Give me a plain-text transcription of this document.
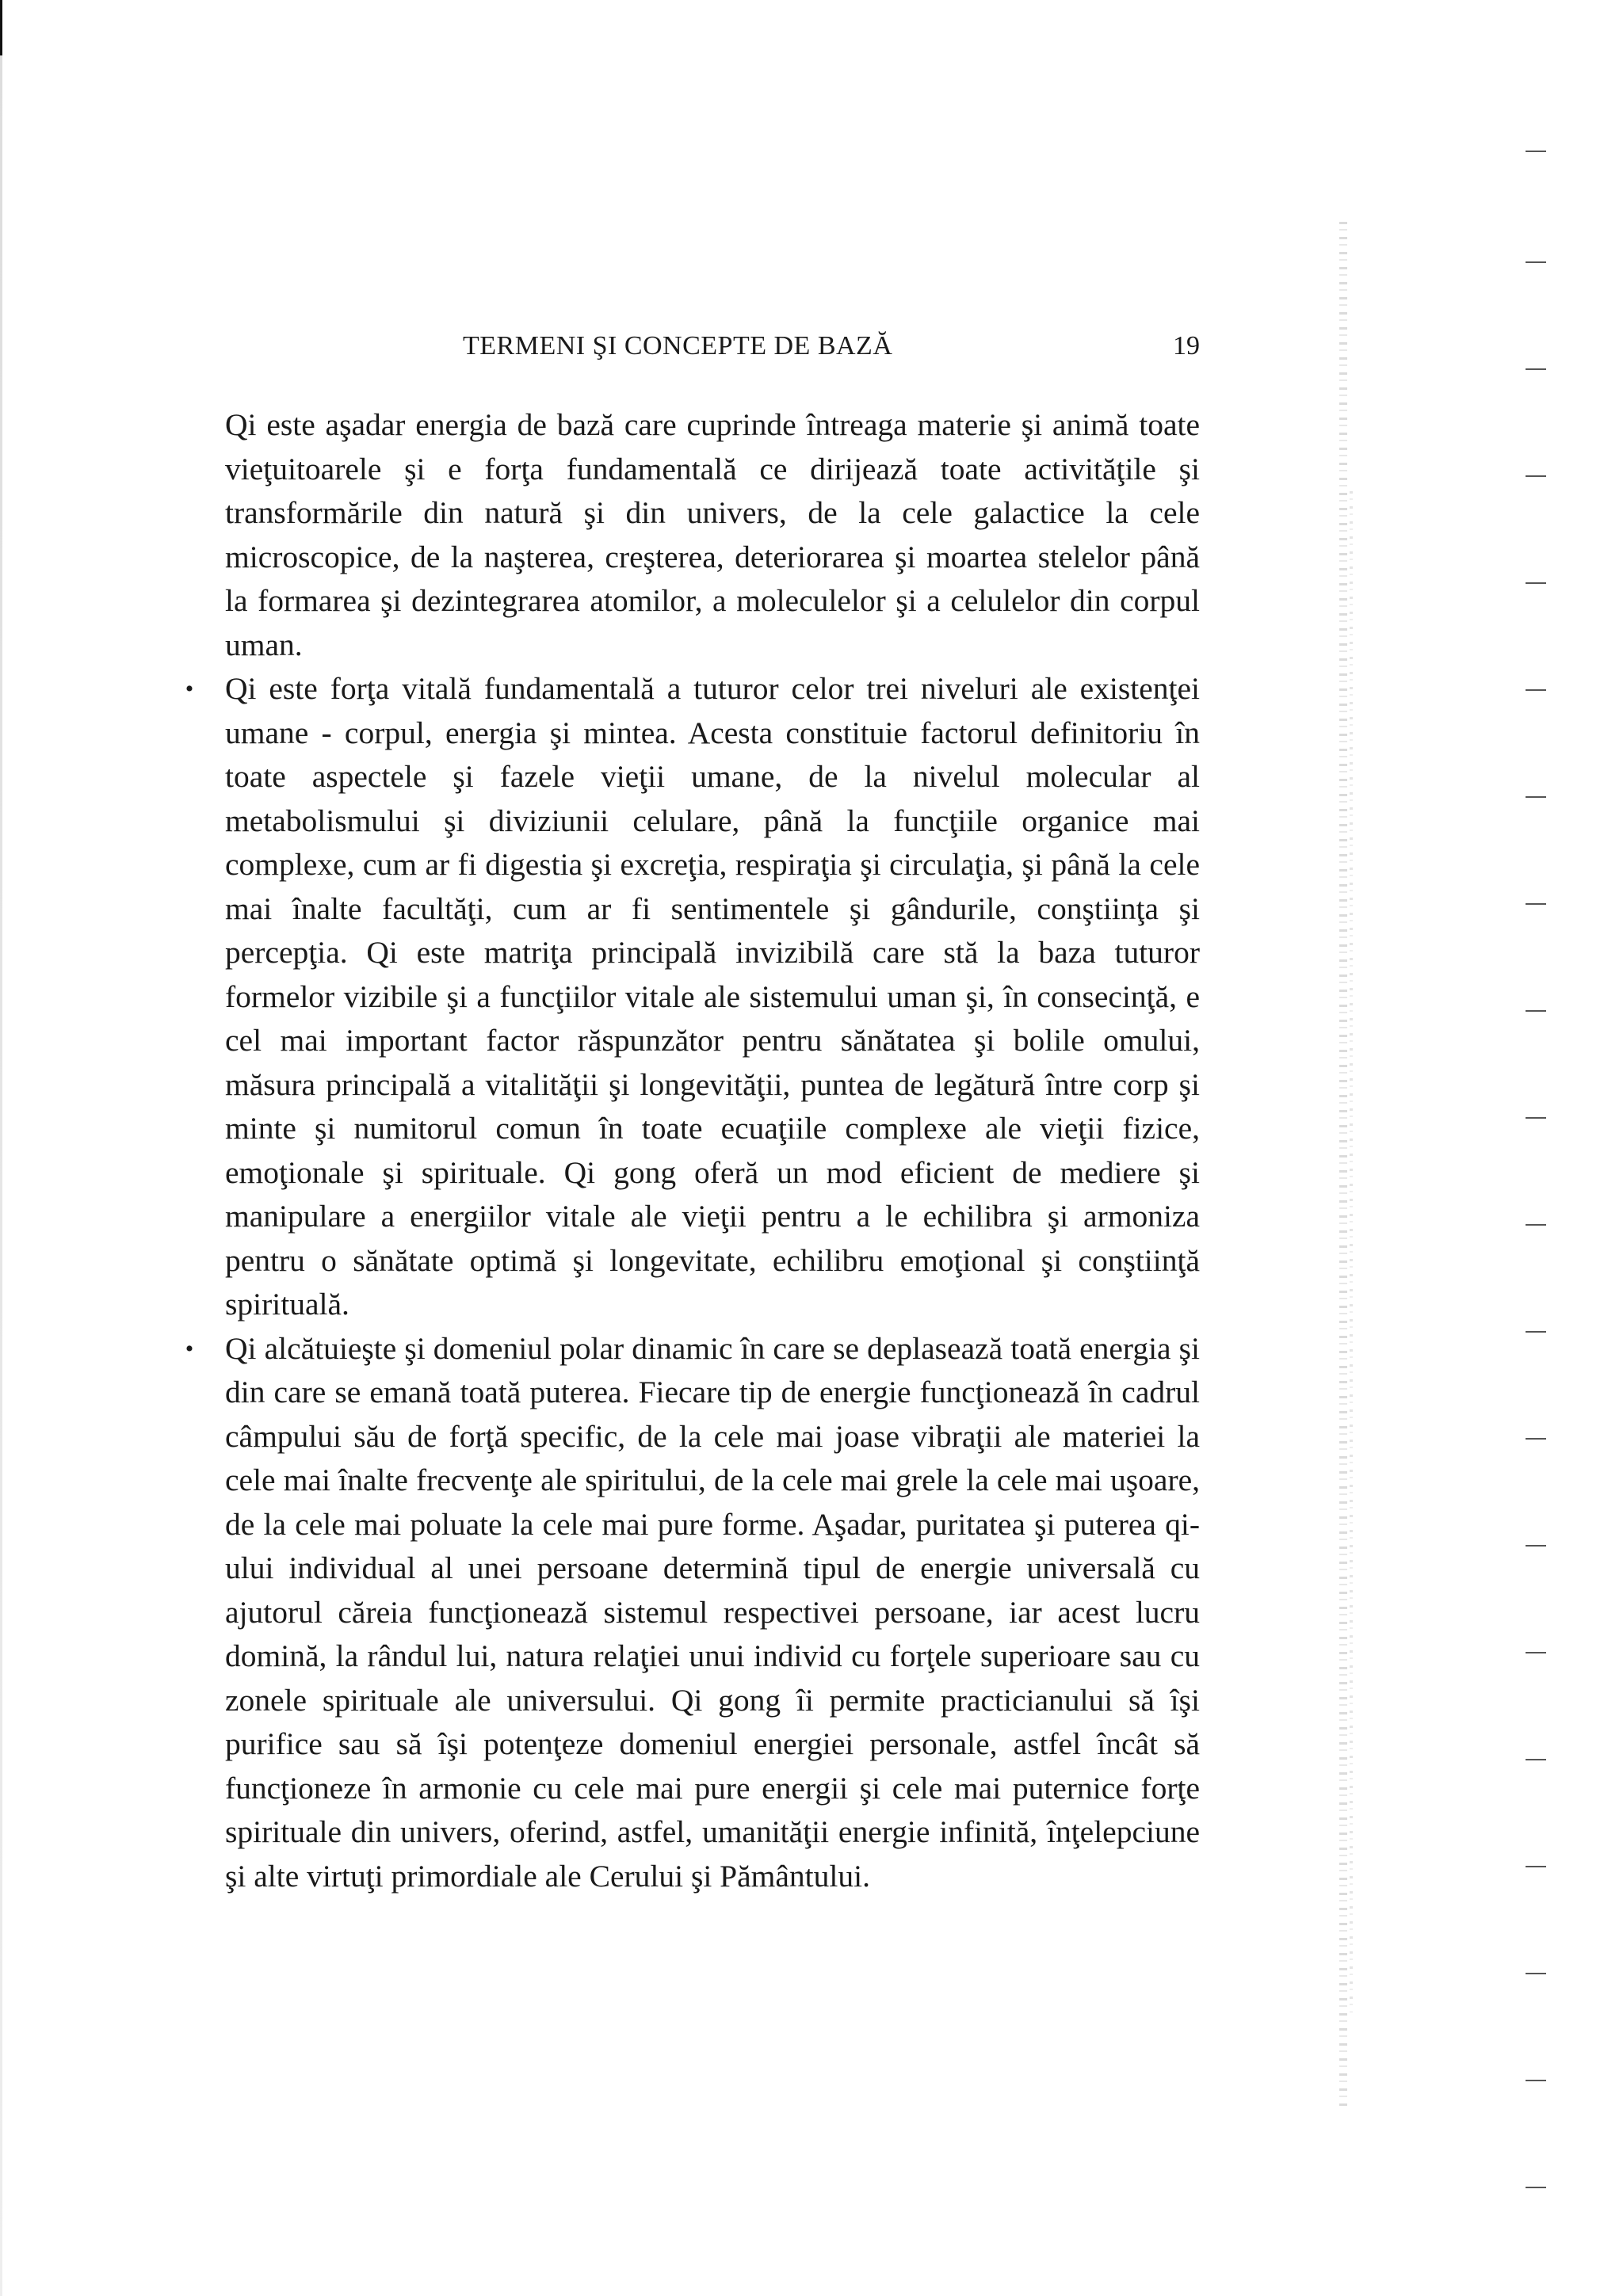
TERMENI ŞI CONCEPTE DE BAZĂ	19

Qi este aşadar energia de bază care cuprinde întreaga materie şi animă toate vieţuitoarele şi e forţa fundamentală ce dirijează toate activităţile şi transformările din natură şi din univers, de la cele galactice la cele microscopice, de la naşterea, creşterea, deteriorarea şi moartea stelelor până la formarea şi dezintegrarea atomilor, a moleculelor şi a celulelor din corpul uman.

• Qi este forţa vitală fundamentală a tuturor celor trei niveluri ale existenţei umane - corpul, energia şi mintea. Acesta constituie factorul definitoriu în toate aspectele şi fazele vieţii umane, de la nivelul molecular al metabolismului şi diviziunii celulare, până la funcţiile organice mai complexe, cum ar fi digestia şi excreţia, respiraţia şi circulaţia, şi până la cele mai înalte facultăţi, cum ar fi sentimentele şi gândurile, conştiinţa şi percepţia. Qi este matriţa principală invizibilă care stă la baza tuturor formelor vizibile şi a funcţiilor vitale ale sistemului uman şi, în consecinţă, e cel mai important factor răspunzător pentru sănătatea şi bolile omului, măsura principală a vitalităţii şi longevităţii, puntea de legătură între corp şi minte şi numitorul comun în toate ecuaţiile complexe ale vieţii fizice, emoţionale şi spirituale. Qi gong oferă un mod eficient de mediere şi manipulare a energiilor vitale ale vieţii pentru a le echilibra şi armoniza pentru o sănătate optimă şi longevitate, echilibru emoţional şi conştiinţă spirituală.

• Qi alcătuieşte şi domeniul polar dinamic în care se deplasează toată energia şi din care se emană toată puterea. Fiecare tip de energie funcţionează în cadrul câmpului său de forţă specific, de la cele mai joase vibraţii ale materiei la cele mai înalte frecvenţe ale spiritului, de la cele mai grele la cele mai uşoare, de la cele mai poluate la cele mai pure forme. Aşadar, puritatea şi puterea qi-ului individual al unei persoane determină tipul de energie universală cu ajutorul căreia funcţionează sistemul respectivei persoane, iar acest lucru domină, la rândul lui, natura relaţiei unui individ cu forţele superioare sau cu zonele spirituale ale universului. Qi gong îi permite practicianului să îşi purifice sau să îşi potenţeze domeniul energiei personale, astfel încât să funcţioneze în armonie cu cele mai pure energii şi cele mai puternice forţe spirituale din univers, oferind, astfel, umanităţii energie infinită, înţelepciune şi alte virtuţi primordiale ale Cerului şi Pământului.
